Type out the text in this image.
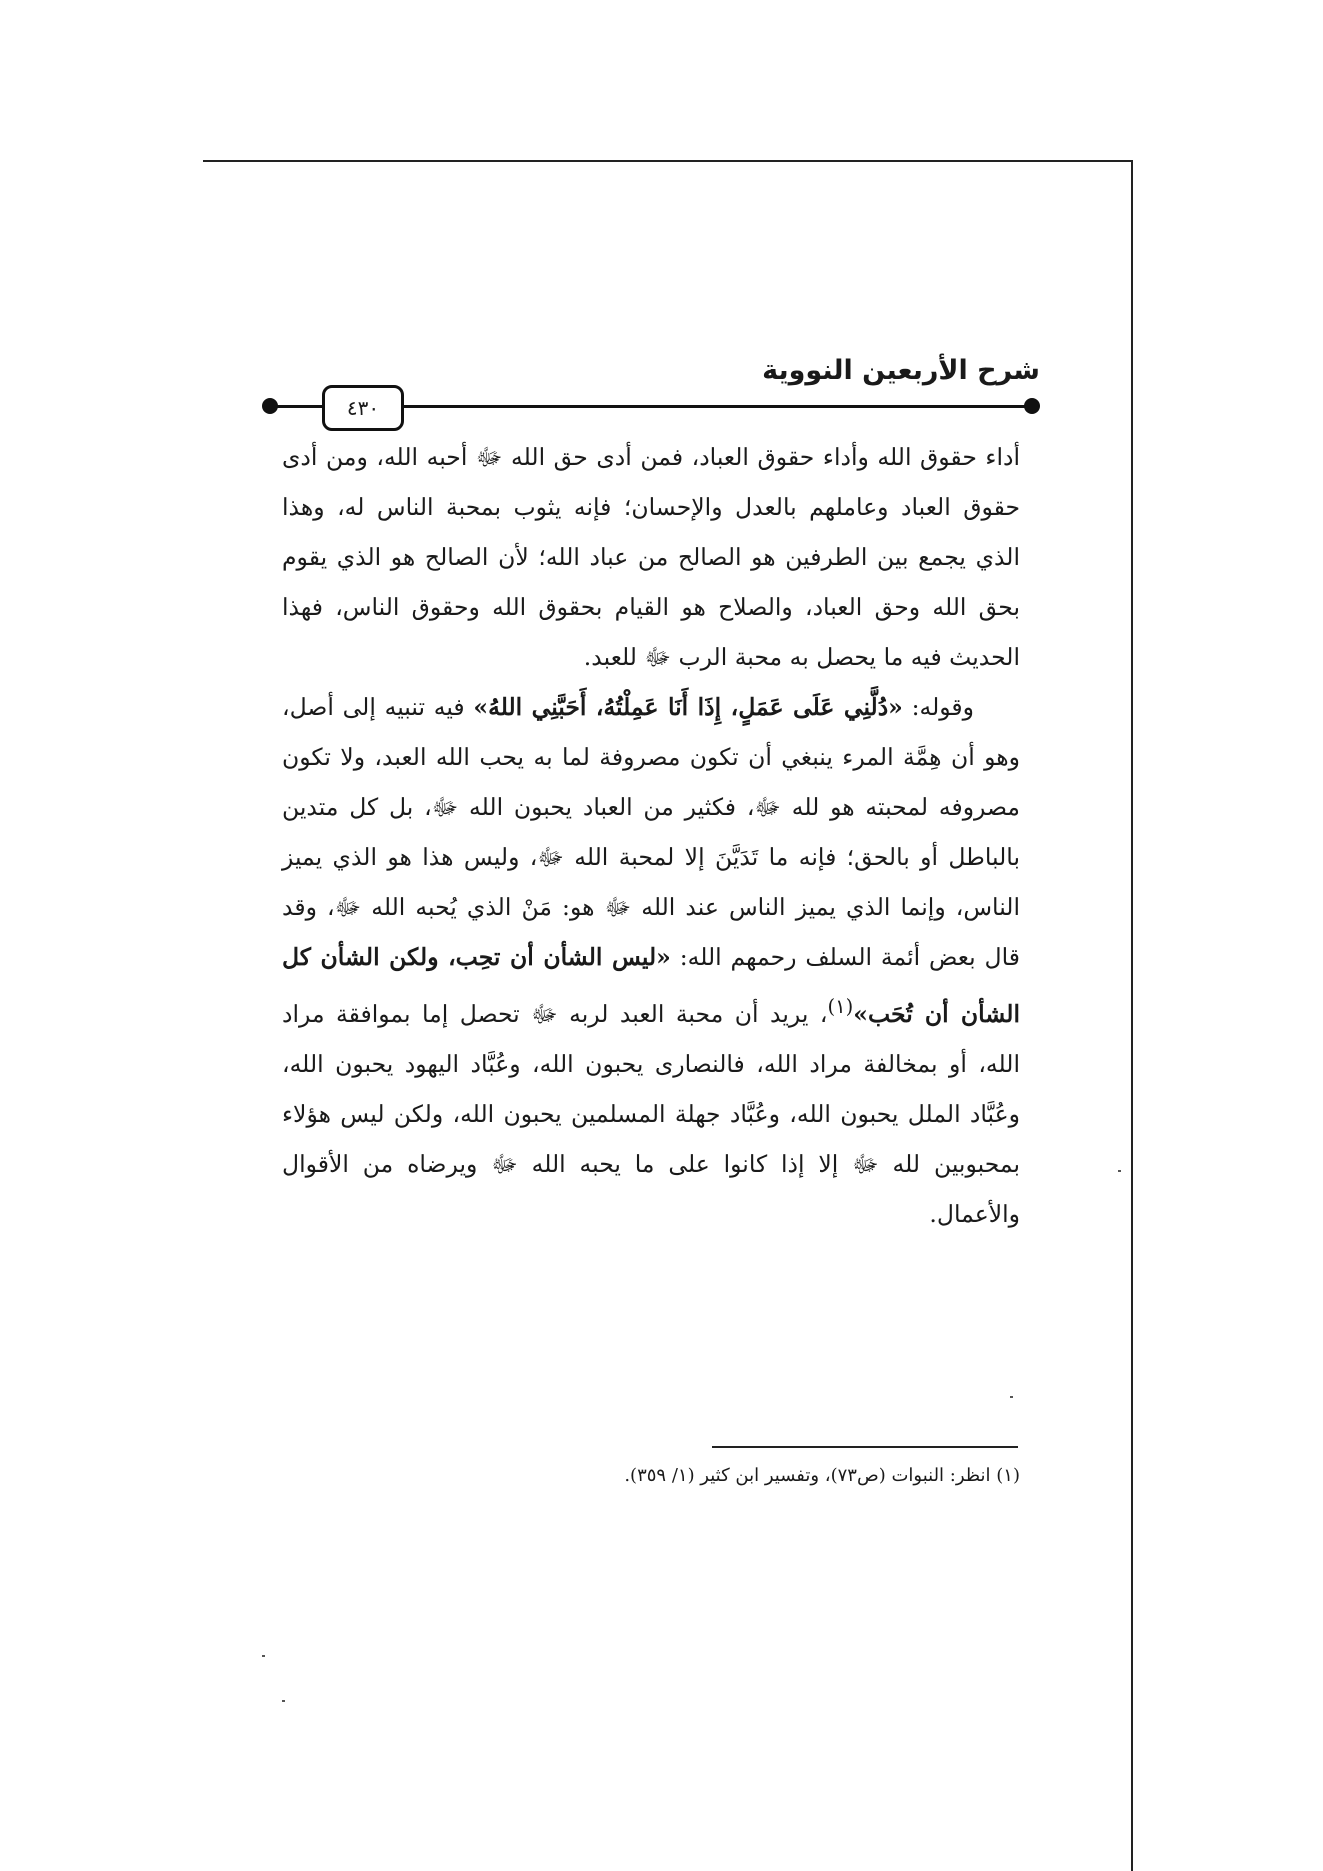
شرح الأربعين النووية
٤٣٠

أداء حقوق الله وأداء حقوق العباد، فمن أدى حق الله ﷻ أحبه الله، ومن أدى حقوق العباد وعاملهم بالعدل والإحسان؛ فإنه يثوب بمحبة الناس له، وهذا الذي يجمع بين الطرفين هو الصالح من عباد الله؛ لأن الصالح هو الذي يقوم بحق الله وحق العباد، والصلاح هو القيام بحقوق الله وحقوق الناس، فهذا الحديث فيه ما يحصل به محبة الرب ﷻ للعبد.

وقوله: «دُلَّنِي عَلَى عَمَلٍ، إِذَا أَنَا عَمِلْتُهُ، أَحَبَّنِي اللهُ» فيه تنبيه إلى أصل، وهو أن هِمَّة المرء ينبغي أن تكون مصروفة لما به يحب الله العبد، ولا تكون مصروفه لمحبته هو لله ﷻ، فكثير من العباد يحبون الله ﷻ، بل كل متدين بالباطل أو بالحق؛ فإنه ما تَدَيَّنَ إلا لمحبة الله ﷻ، وليس هذا هو الذي يميز الناس، وإنما الذي يميز الناس عند الله ﷻ هو: مَنْ الذي يُحبه الله ﷻ، وقد قال بعض أئمة السلف رحمهم الله: «ليس الشأن أن تحِب، ولكن الشأن كل الشأن أن تُحَب»$^{(١)}$، يريد أن محبة العبد لربه ﷻ تحصل إما بموافقة مراد الله، أو بمخالفة مراد الله، فالنصارى يحبون الله، وعُبَّاد اليهود يحبون الله، وعُبَّاد الملل يحبون الله، وعُبَّاد جهلة المسلمين يحبون الله، ولكن ليس هؤلاء بمحبوبين لله ﷻ إلا إذا كانوا على ما يحبه الله ﷻ ويرضاه من الأقوال والأعمال.

(١) انظر: النبوات (ص٧٣)، وتفسير ابن كثير (١/ ٣٥٩).
